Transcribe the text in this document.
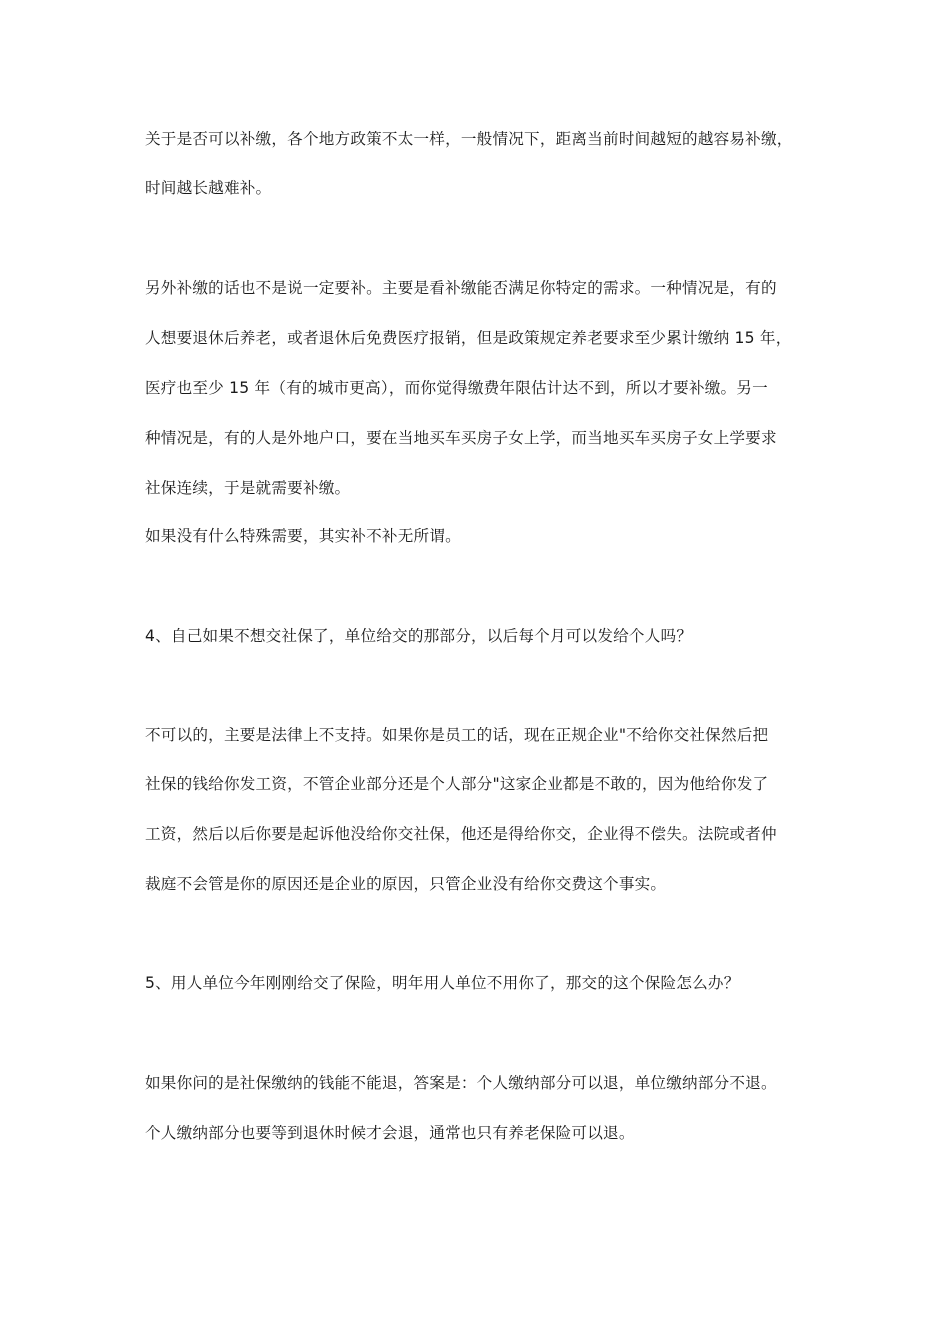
关于是否可以补缴，各个地方政策不太一样，一般情况下，距离当前时间越短的越容易补缴，
时间越长越难补。
另外补缴的话也不是说一定要补。主要是看补缴能否满足你特定的需求。一种情况是，有的
人想要退休后养老，或者退休后免费医疗报销，但是政策规定养老要求至少累计缴纳 15 年，
医疗也至少 15 年（有的城市更高），而你觉得缴费年限估计达不到，所以才要补缴。另一
种情况是，有的人是外地户口，要在当地买车买房子女上学，而当地买车买房子女上学要求
社保连续，于是就需要补缴。
如果没有什么特殊需要，其实补不补无所谓。
4、自己如果不想交社保了，单位给交的那部分，以后每个月可以发给个人吗？
不可以的，主要是法律上不支持。如果你是员工的话，现在正规企业"不给你交社保然后把
社保的钱给你发工资，不管企业部分还是个人部分"这家企业都是不敢的，因为他给你发了
工资，然后以后你要是起诉他没给你交社保，他还是得给你交，企业得不偿失。法院或者仲
裁庭不会管是你的原因还是企业的原因，只管企业没有给你交费这个事实。
5、用人单位今年刚刚给交了保险，明年用人单位不用你了，那交的这个保险怎么办？
如果你问的是社保缴纳的钱能不能退，答案是：个人缴纳部分可以退，单位缴纳部分不退。
个人缴纳部分也要等到退休时候才会退，通常也只有养老保险可以退。
